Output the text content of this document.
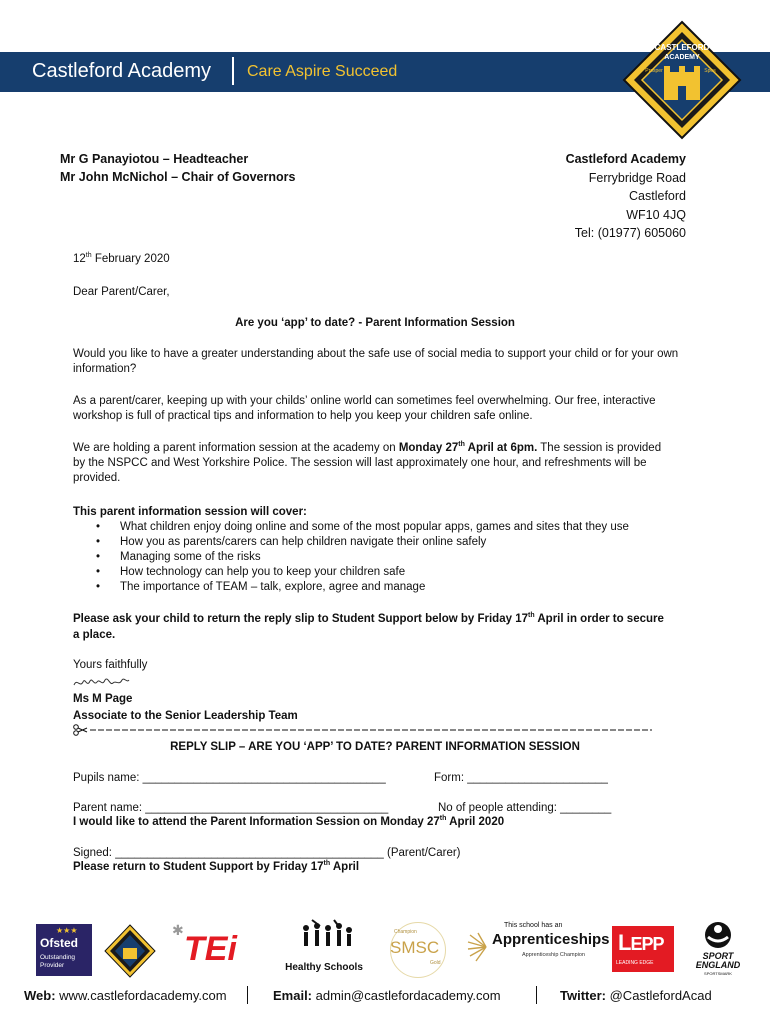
Castleford Academy Care Aspire Succeed
CASTLEFORD
ACADEMY
Prosper	Spes
Mr G Panayiotou – Headteacher
Mr John McNichol – Chair of Governors
Castleford Academy
Ferrybridge Road
Castleford
WF10 4JQ
Tel: (01977) 605060
12th February 2020
Dear Parent/Carer,
Are you ‘app’ to date? - Parent Information Session
Would you like to have a greater understanding about the safe use of social media to support your child or for your own information?
As a parent/carer, keeping up with your childs’ online world can sometimes feel overwhelming. Our free, interactive workshop is full of practical tips and information to help you keep your children safe online.
We are holding a parent information session at the academy on Monday 27th April at 6pm. The session is provided by the NSPCC and West Yorkshire Police. The session will last approximately one hour, and refreshments will be provided.
This parent information session will cover:
• What children enjoy doing online and some of the most popular apps, games and sites that they use
• How you as parents/carers can help children navigate their online safely
• Managing some of the risks
• How technology can help you to keep your children safe
• The importance of TEAM – talk, explore, agree and manage
Please ask your child to return the reply slip to Student Support below by Friday 17th April in order to secure a place.
Yours faithfully
Ms M Page
Associate to the Senior Leadership Team
REPLY SLIP – ARE YOU ‘APP’ TO DATE? PARENT INFORMATION SESSION
Pupils name: ______________________________________	Form: ______________________
Parent name: ______________________________________	No of people attending: ________
I would like to attend the Parent Information Session on Monday 27th April 2020
Signed: __________________________________________ (Parent/Carer)
Please return to Student Support by Friday 17th April
Ofsted
Outstanding
Provider
★★★	✱ TEi	Healthy Schools
Champion
SMSC
Gold
This school has an
Apprenticeships
Apprenticeship Champion LEPP
LEADING EDGE
SPORT
ENGLAND
SPORTSMARK
Web: www.castlefordacademy.com	Email: admin@castlefordacademy.com	Twitter: @CastlefordAcad
